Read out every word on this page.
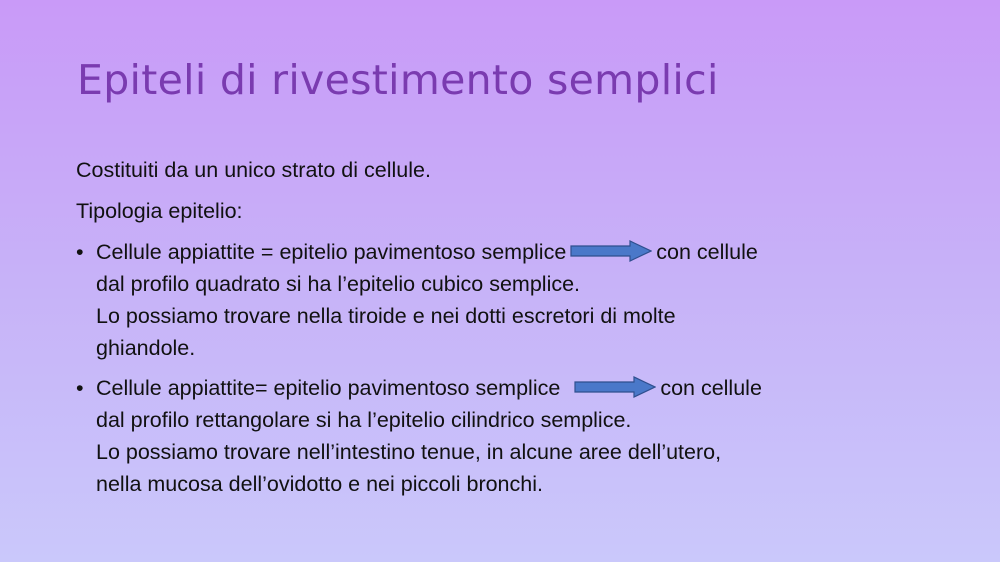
Epiteli di rivestimento semplici
Costituiti da un unico strato di cellule.
Tipologia epitelio:
• Cellule appiattite = epitelio pavimentoso semplice	con cellule
dal profilo quadrato si ha l’epitelio cubico semplice.
Lo possiamo trovare nella tiroide e nei dotti escretori di molte
ghiandole.
• Cellule appiattite= epitelio pavimentoso semplice	con cellule
dal profilo rettangolare si ha l’epitelio cilindrico semplice.
Lo possiamo trovare nell’intestino tenue, in alcune aree dell’utero,
nella mucosa dell’ovidotto e nei piccoli bronchi.
